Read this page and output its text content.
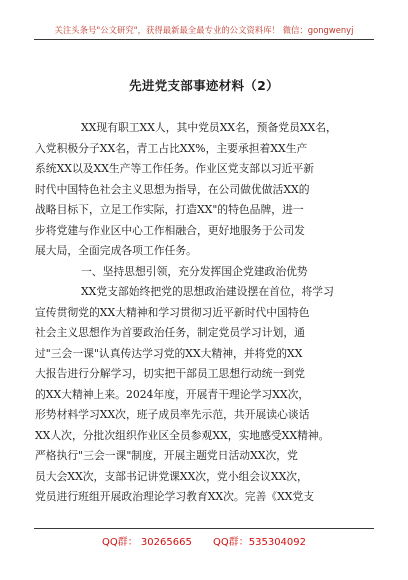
关注头条号"公文研究"，获得最新最全最专业的公文资料库！ 微信：gongwenyj
先进党支部事迹材料（2）
XX现有职工XX人，其中党员XX名，预备党员XX名，
入党积极分子XX名，青工占比XX%，主要承担着XX生产
系统XX以及XX生产等工作任务。作业区党支部以习近平新
时代中国特色社会主义思想为指导，在公司做优做活XX的
战略目标下，立足工作实际，打造XX"的特色品牌，进一
步将党建与作业区中心工作相融合，更好地服务于公司发
展大局，全面完成各项工作任务。
一、坚持思想引领，充分发挥国企党建政治优势
XX党支部始终把党的思想政治建设摆在首位，将学习
宣传贯彻党的XX大精神和学习贯彻习近平新时代中国特色
社会主义思想作为首要政治任务，制定党员学习计划，通
过"三会一课"认真传达学习党的XX大精神，并将党的XX
大报告进行分解学习，切实把干部员工思想行动统一到党
的XX大精神上来。2024年度，开展青干理论学习XX次，
形势材料学习XX次，班子成员率先示范，共开展读心谈话
XX人次，分批次组织作业区全员参观XX，实地感受XX精神。
严格执行"三会一课"制度，开展主题党日活动XX次，党
员大会XX次，支部书记讲党课XX次，党小组会议XX次，
党员进行班组开展政治理论学习教育XX次。完善《XX党支
QQ群： 30265665 QQ群：535304092
